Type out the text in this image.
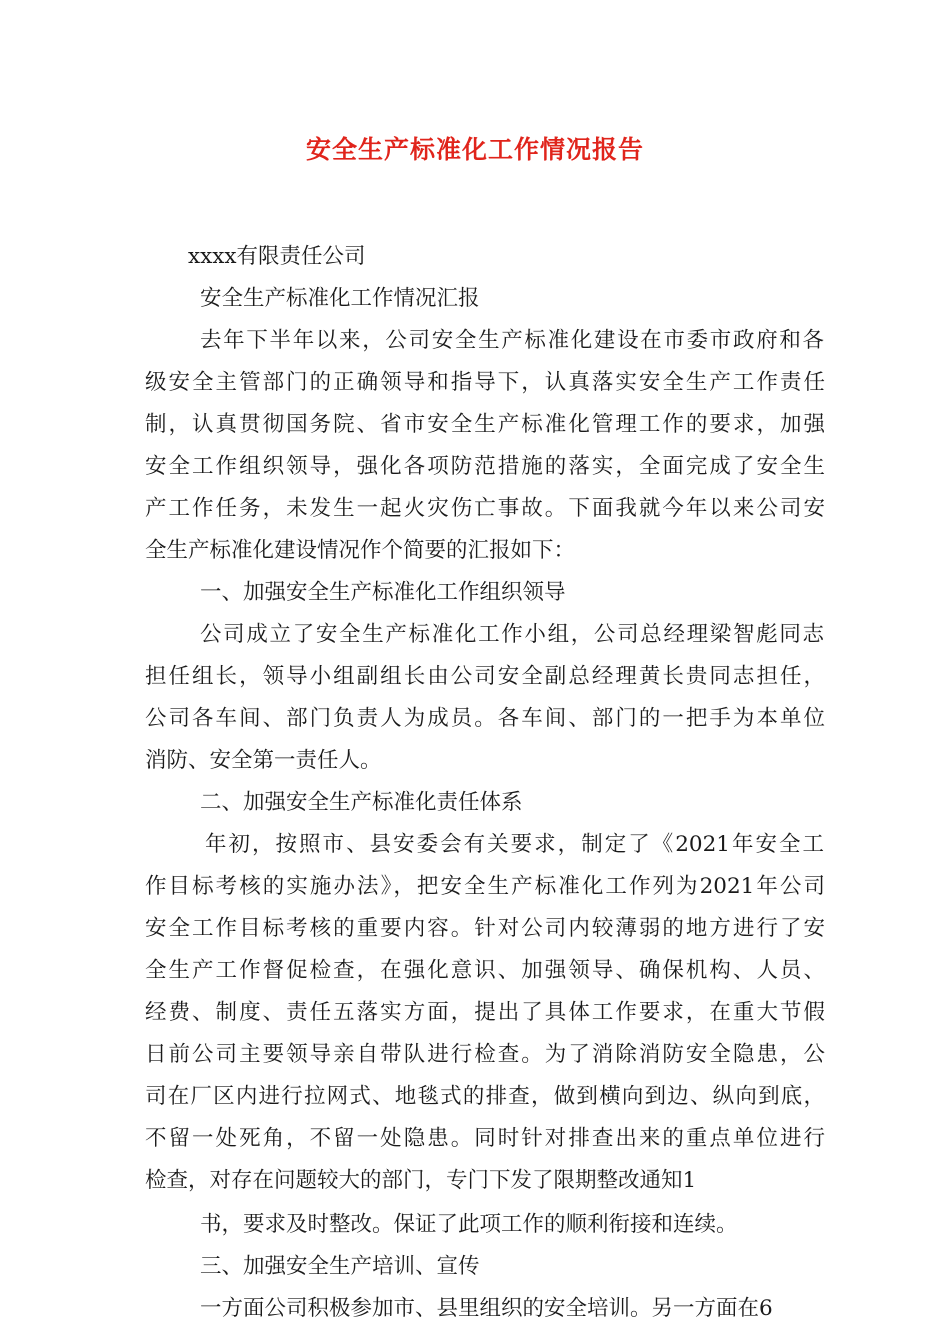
安全生产标准化工作情况报告
xxxx有限责任公司
安全生产标准化工作情况汇报
去年下半年以来，公司安全生产标准化建设在市委市政府和各
级安全主管部门的正确领导和指导下，认真落实安全生产工作责任
制，认真贯彻国务院、省市安全生产标准化管理工作的要求，加强
安全工作组织领导，强化各项防范措施的落实，全面完成了安全生
产工作任务，未发生一起火灾伤亡事故。下面我就今年以来公司安
全生产标准化建设情况作个简要的汇报如下：
一、加强安全生产标准化工作组织领导
公司成立了安全生产标准化工作小组，公司总经理梁智彪同志
担任组长，领导小组副组长由公司安全副总经理黄长贵同志担任，
公司各车间、部门负责人为成员。各车间、部门的一把手为本单位
消防、安全第一责任人。
二、加强安全生产标准化责任体系
年初，按照市、县安委会有关要求，制定了《2021年安全工
作目标考核的实施办法》，把安全生产标准化工作列为2021年公司
安全工作目标考核的重要内容。针对公司内较薄弱的地方进行了安
全生产工作督促检查，在强化意识、加强领导、确保机构、人员、
经费、制度、责任五落实方面，提出了具体工作要求，在重大节假
日前公司主要领导亲自带队进行检查。为了消除消防安全隐患，公
司在厂区内进行拉网式、地毯式的排查，做到横向到边、纵向到底，
不留一处死角，不留一处隐患。同时针对排查出来的重点单位进行
检查，对存在问题较大的部门，专门下发了限期整改通知1
书，要求及时整改。保证了此项工作的顺利衔接和连续。
三、加强安全生产培训、宣传
一方面公司积极参加市、县里组织的安全培训。另一方面在6
